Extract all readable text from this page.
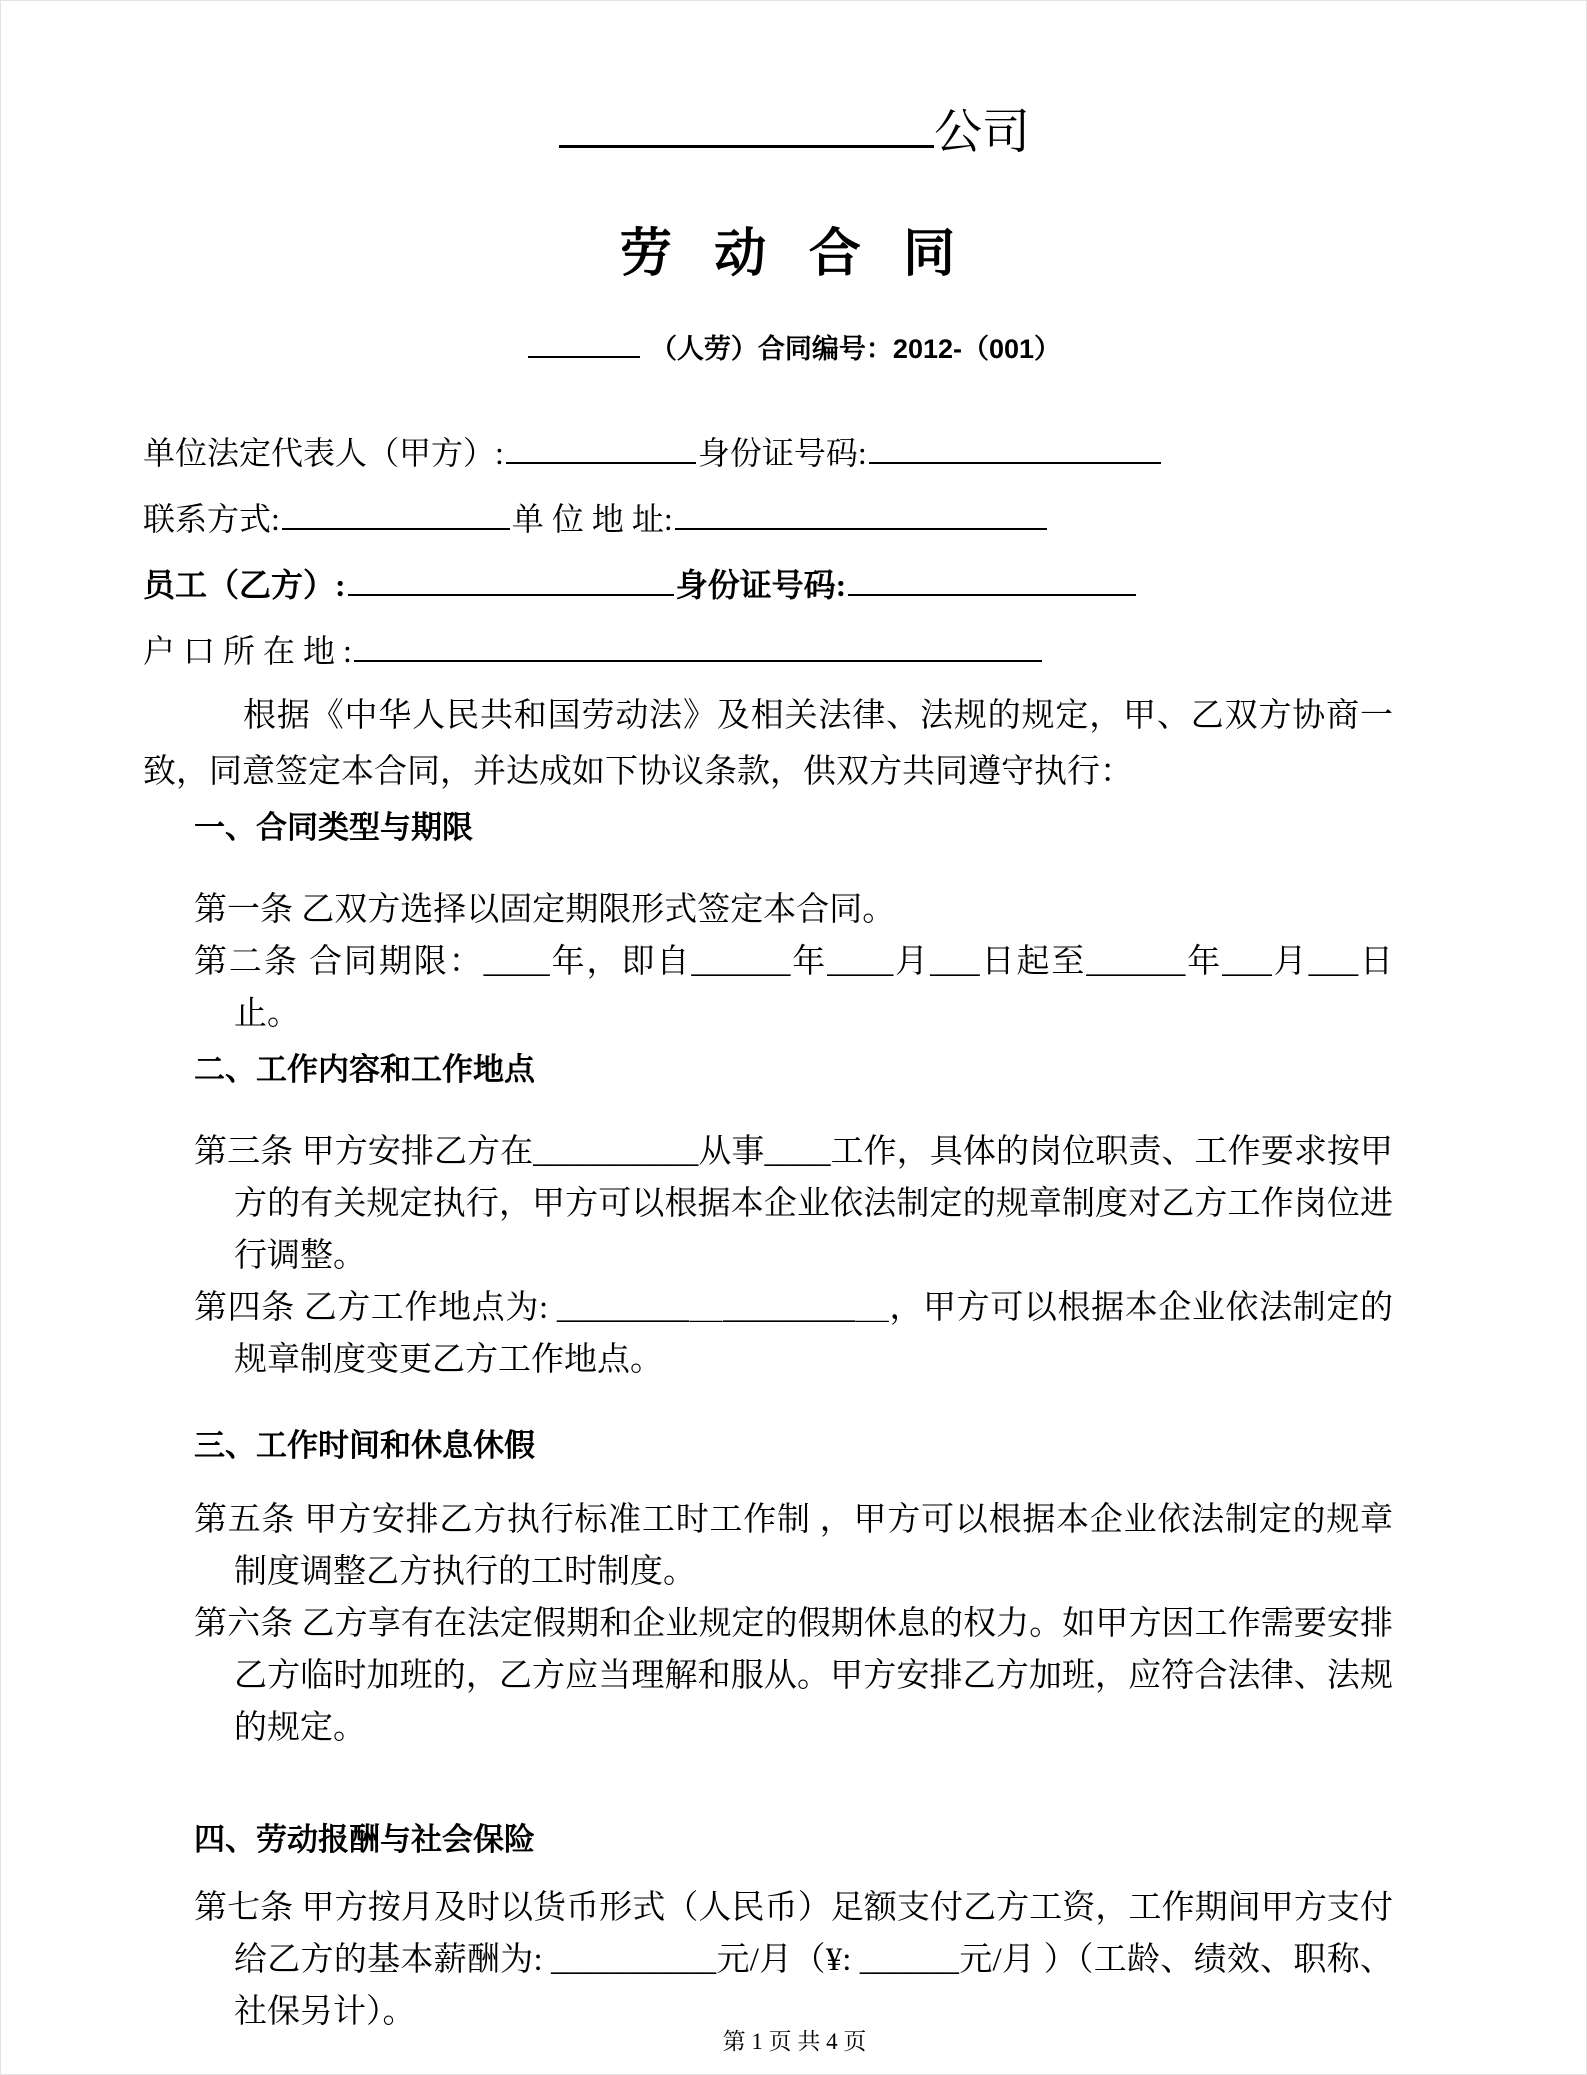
公司
劳 动 合 同
（人劳）合同编号：2012-（001）
单位法定代表人（甲方）:	身份证号码:
联系方式:	单 位 地 址:
员工（乙方）:	身份证号码:
户 口 所 在 地 :

根据《中华人民共和国劳动法》及相关法律、法规的规定，甲、乙双方协商一致，同意签定本合同，并达成如下协议条款，供双方共同遵守执行：

一、合同类型与期限

第一条 乙双方选择以固定期限形式签定本合同。

第二条 合同期限：____年，即自______年____月___日起至______年___月___日止。

二、工作内容和工作地点

第三条 甲方安排乙方在__________从事____工作，具体的岗位职责、工作要求按甲方的有关规定执行，甲方可以根据本企业依法制定的规章制度对乙方工作岗位进行调整。

第四条 乙方工作地点为: ________＿________＿，甲方可以根据本企业依法制定的规章制度变更乙方工作地点。

三、工作时间和休息休假

第五条 甲方安排乙方执行标准工时工作制 ，甲方可以根据本企业依法制定的规章制度调整乙方执行的工时制度。

第六条 乙方享有在法定假期和企业规定的假期休息的权力。如甲方因工作需要安排乙方临时加班的，乙方应当理解和服从。甲方安排乙方加班，应符合法律、法规的规定。

四、劳动报酬与社会保险

第七条 甲方按月及时以货币形式（人民币）足额支付乙方工资，工作期间甲方支付给乙方的基本薪酬为: __________元/月（¥: ______元/月 ）（工龄、绩效、职称、社保另计）。

第 1 页 共 4 页
